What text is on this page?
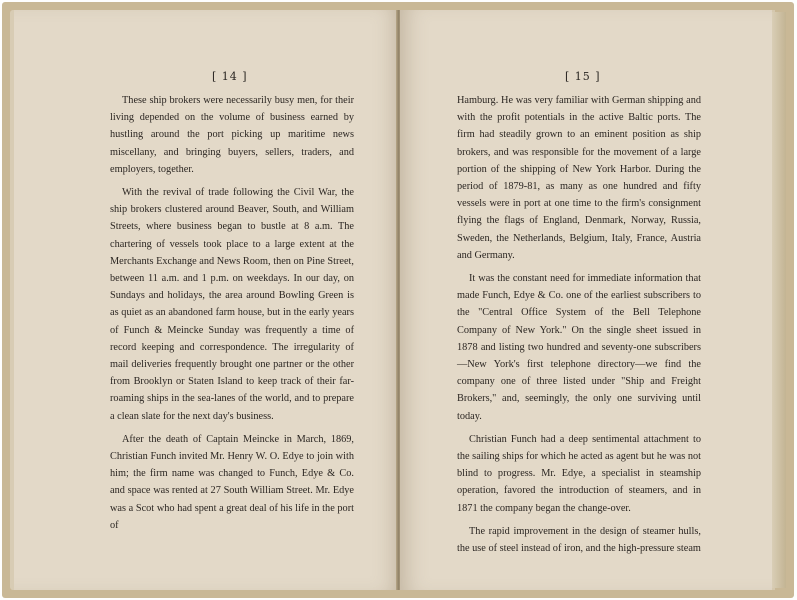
[ 14 ]

These ship brokers were necessarily busy men, for their living depended on the volume of business earned by hustling around the port picking up maritime news miscellany, and bringing buyers, sellers, traders, and employers, together.

With the revival of trade following the Civil War, the ship brokers clustered around Beaver, South, and William Streets, where business began to bustle at 8 a.m. The chartering of vessels took place to a large extent at the Merchants Exchange and News Room, then on Pine Street, between 11 a.m. and 1 p.m. on weekdays. In our day, on Sundays and holidays, the area around Bowling Green is as quiet as an abandoned farm house, but in the early years of Funch & Meincke Sunday was frequently a time of record keeping and correspondence. The irregularity of mail deliveries frequently brought one partner or the other from Brooklyn or Staten Island to keep track of their far-roaming ships in the sea-lanes of the world, and to prepare a clean slate for the next day's business.

After the death of Captain Meincke in March, 1869, Christian Funch invited Mr. Henry W. O. Edye to join with him; the firm name was changed to Funch, Edye & Co. and space was rented at 27 South William Street. Mr. Edye was a Scot who had spent a great deal of his life in the port of

[ 15 ]

Hamburg. He was very familiar with German shipping and with the profit potentials in the active Baltic ports. The firm had steadily grown to an eminent position as ship brokers, and was responsible for the movement of a large portion of the shipping of New York Harbor. During the period of 1879-81, as many as one hundred and fifty vessels were in port at one time to the firm's consignment flying the flags of England, Denmark, Norway, Russia, Sweden, the Netherlands, Belgium, Italy, France, Austria and Germany.

It was the constant need for immediate information that made Funch, Edye & Co. one of the earliest subscribers to the "Central Office System of the Bell Telephone Company of New York." On the single sheet issued in 1878 and listing two hundred and seventy-one subscribers—New York's first telephone directory—we find the company one of three listed under "Ship and Freight Brokers," and, seemingly, the only one surviving until today.

Christian Funch had a deep sentimental attachment to the sailing ships for which he acted as agent but he was not blind to progress. Mr. Edye, a specialist in steamship operation, favored the introduction of steamers, and in 1871 the company began the change-over.

The rapid improvement in the design of steamer hulls, the use of steel instead of iron, and the high-pressure steam
